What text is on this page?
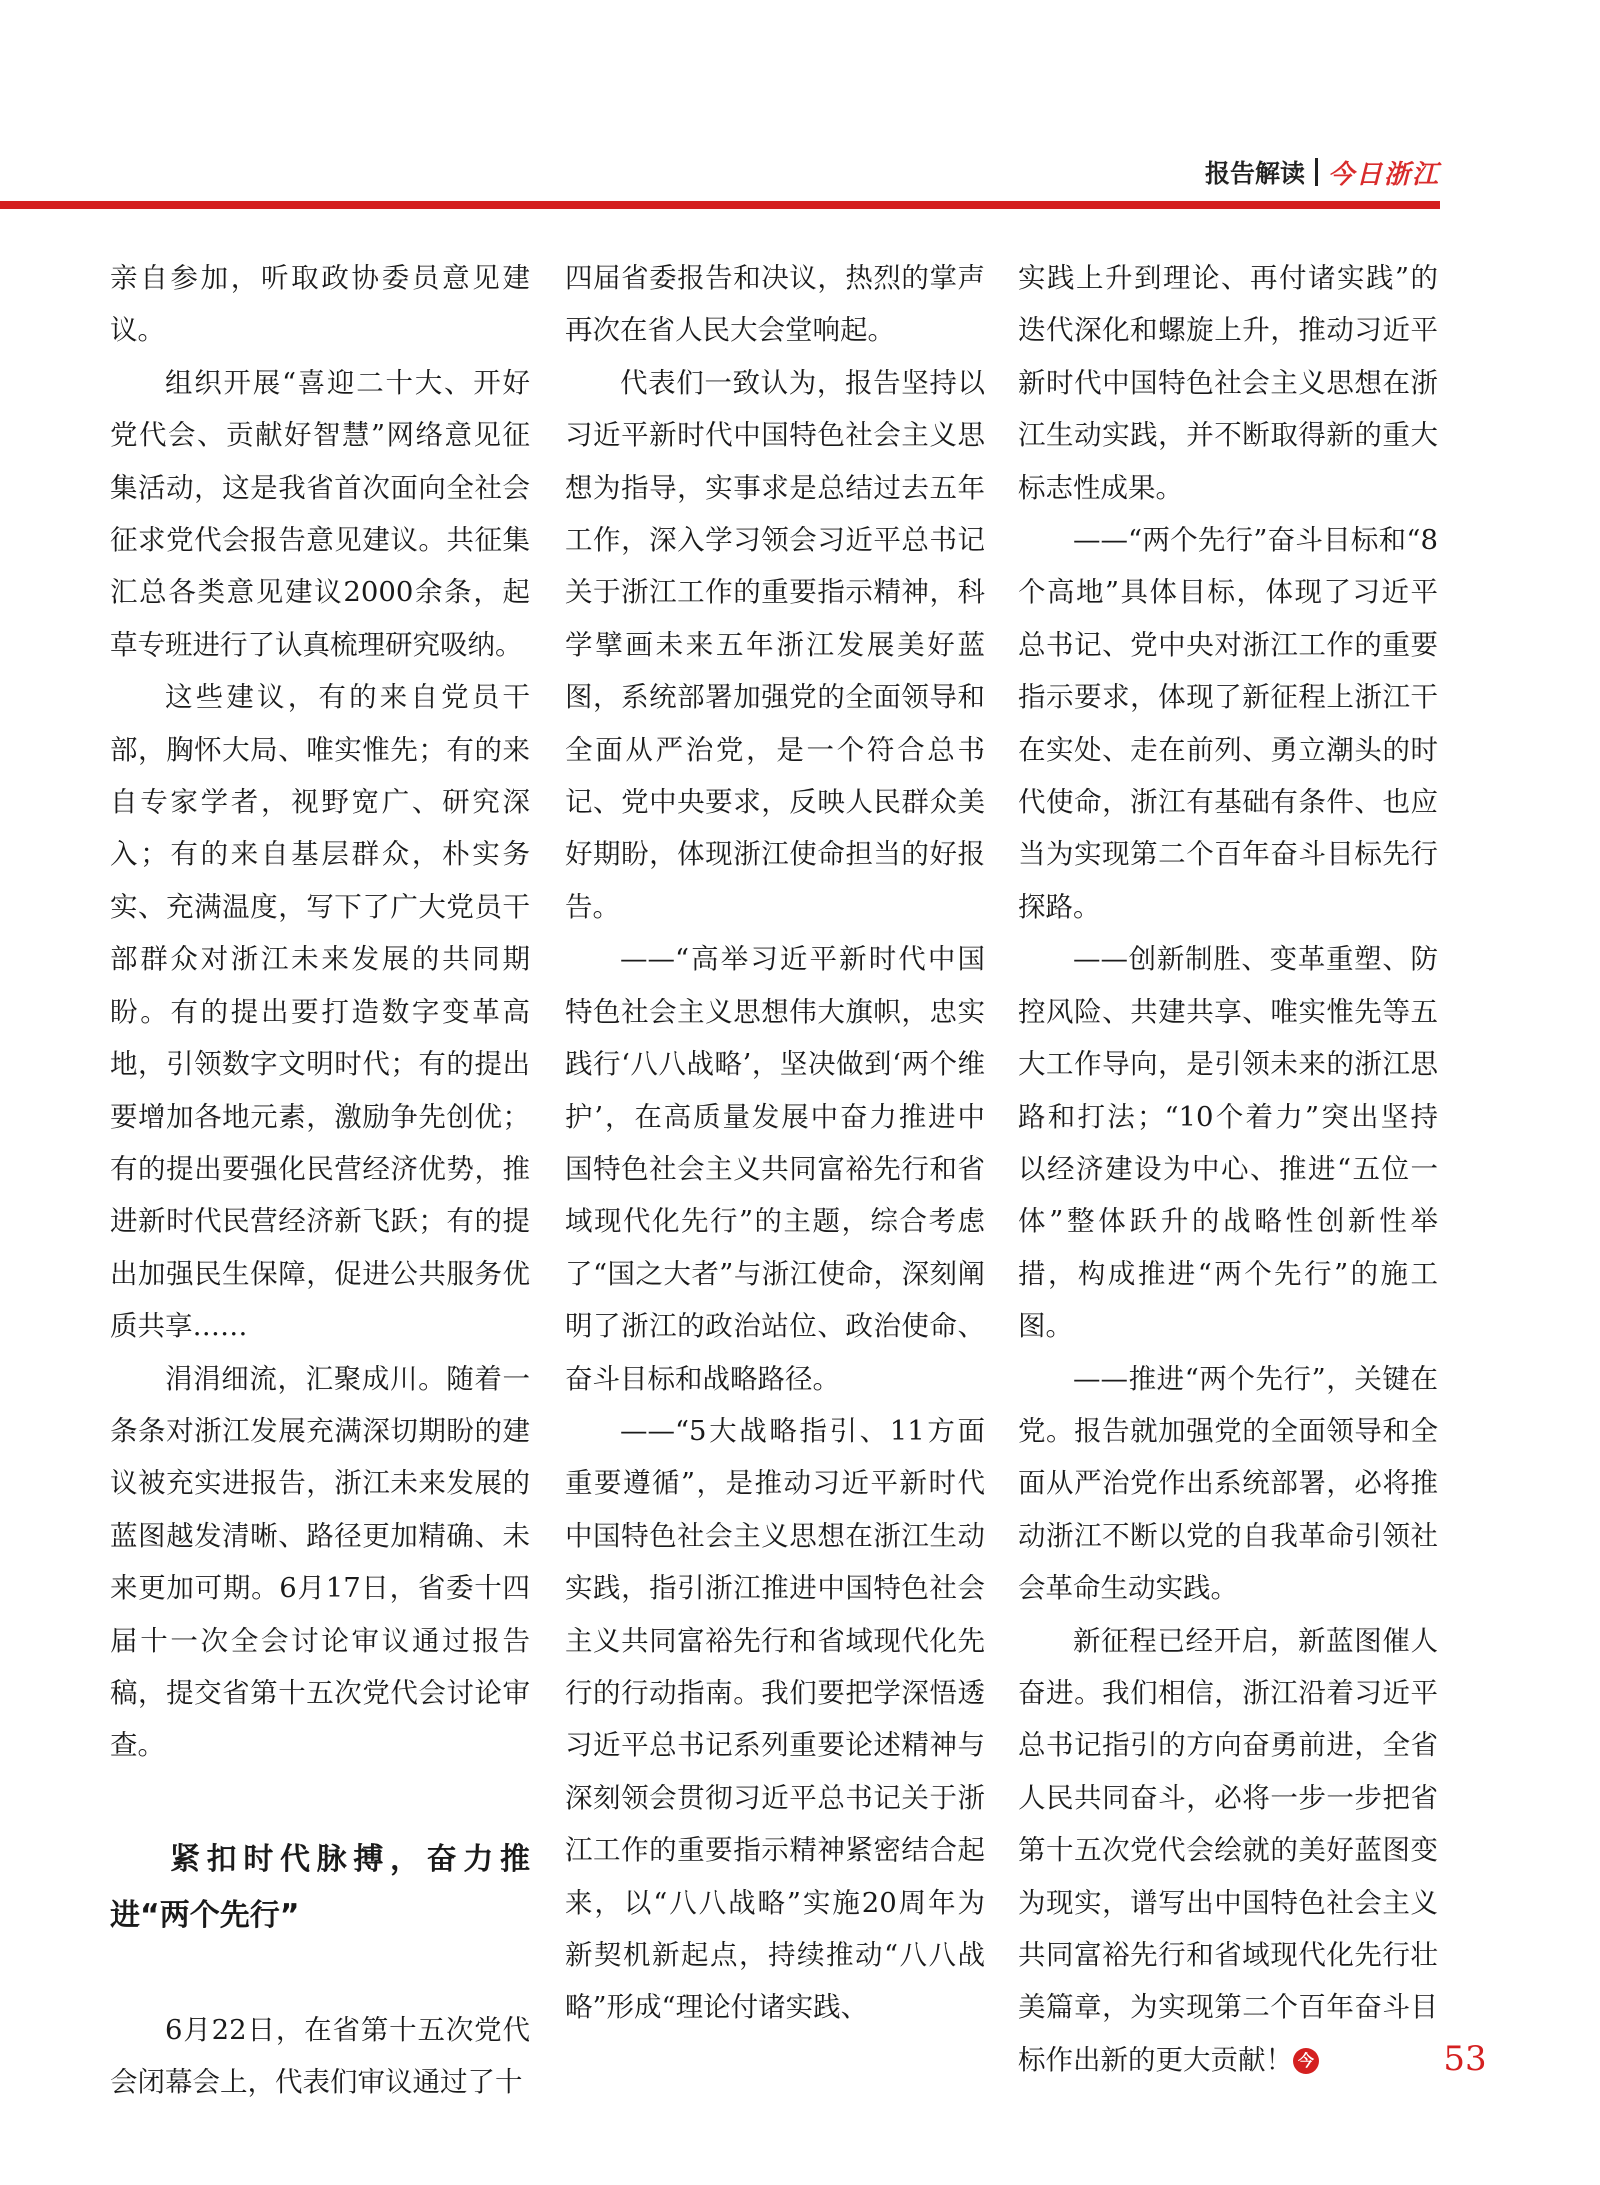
报告解读 今日浙江

亲自参加，听取政协委员意见建议。

组织开展“喜迎二十大、开好党代会、贡献好智慧”网络意见征集活动，这是我省首次面向全社会征求党代会报告意见建议。共征集汇总各类意见建议2000余条，起草专班进行了认真梳理研究吸纳。

这些建议，有的来自党员干部，胸怀大局、唯实惟先；有的来自专家学者，视野宽广、研究深入；有的来自基层群众，朴实务实、充满温度，写下了广大党员干部群众对浙江未来发展的共同期盼。有的提出要打造数字变革高地，引领数字文明时代；有的提出要增加各地元素，激励争先创优；有的提出要强化民营经济优势，推进新时代民营经济新飞跃；有的提出加强民生保障，促进公共服务优质共享……

涓涓细流，汇聚成川。随着一条条对浙江发展充满深切期盼的建议被充实进报告，浙江未来发展的蓝图越发清晰、路径更加精确、未来更加可期。6月17日，省委十四届十一次全会讨论审议通过报告稿，提交省第十五次党代会讨论审查。

紧扣时代脉搏，奋力推进“两个先行”

6月22日，在省第十五次党代会闭幕会上，代表们审议通过了十

四届省委报告和决议，热烈的掌声再次在省人民大会堂响起。

代表们一致认为，报告坚持以习近平新时代中国特色社会主义思想为指导，实事求是总结过去五年工作，深入学习领会习近平总书记关于浙江工作的重要指示精神，科学擘画未来五年浙江发展美好蓝图，系统部署加强党的全面领导和全面从严治党，是一个符合总书记、党中央要求，反映人民群众美好期盼，体现浙江使命担当的好报告。

——“高举习近平新时代中国特色社会主义思想伟大旗帜，忠实践行‘八八战略’，坚决做到‘两个维护’，在高质量发展中奋力推进中国特色社会主义共同富裕先行和省域现代化先行”的主题，综合考虑了“国之大者”与浙江使命，深刻阐明了浙江的政治站位、政治使命、奋斗目标和战略路径。

——“5大战略指引、11方面重要遵循”，是推动习近平新时代中国特色社会主义思想在浙江生动实践，指引浙江推进中国特色社会主义共同富裕先行和省域现代化先行的行动指南。我们要把学深悟透习近平总书记系列重要论述精神与深刻领会贯彻习近平总书记关于浙江工作的重要指示精神紧密结合起来，以“八八战略”实施20周年为新契机新起点，持续推动“八八战略”形成“理论付诸实践、

实践上升到理论、再付诸实践”的迭代深化和螺旋上升，推动习近平新时代中国特色社会主义思想在浙江生动实践，并不断取得新的重大标志性成果。

——“两个先行”奋斗目标和“8个高地”具体目标，体现了习近平总书记、党中央对浙江工作的重要指示要求，体现了新征程上浙江干在实处、走在前列、勇立潮头的时代使命，浙江有基础有条件、也应当为实现第二个百年奋斗目标先行探路。

——创新制胜、变革重塑、防控风险、共建共享、唯实惟先等五大工作导向，是引领未来的浙江思路和打法；“10个着力”突出坚持以经济建设为中心、推进“五位一体”整体跃升的战略性创新性举措，构成推进“两个先行”的施工图。

——推进“两个先行”，关键在党。报告就加强党的全面领导和全面从严治党作出系统部署，必将推动浙江不断以党的自我革命引领社会革命生动实践。

新征程已经开启，新蓝图催人奋进。我们相信，浙江沿着习近平总书记指引的方向奋勇前进，全省人民共同奋斗，必将一步一步把省第十五次党代会绘就的美好蓝图变为现实，谱写出中国特色社会主义共同富裕先行和省域现代化先行壮美篇章，为实现第二个百年奋斗目标作出新的更大贡献！ 今	53
